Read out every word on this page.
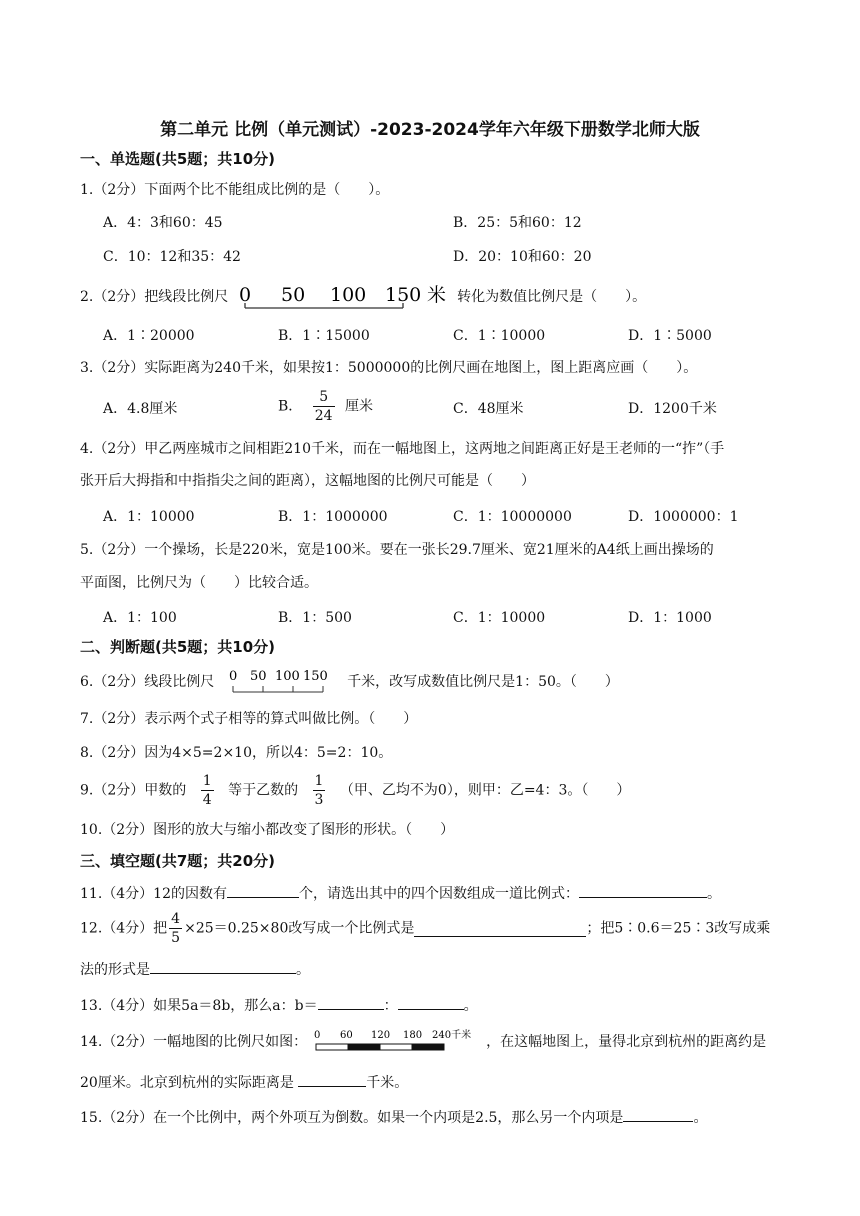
第二单元 比例（单元测试）-2023-2024学年六年级下册数学北师大版
一、单选题(共5题；共10分)
1.（2分）下面两个比不能组成比例的是（　　）。
A．4：3和60：45	B．25：5和60：12
C．10：12和35：42	D．20：10和60：20
2.（2分）把线段比例尺 0 50 100 150 米 转化为数值比例尺是（　　）。
A．1∶20000	B．1∶15000	C．1∶10000	D．1∶5000
3.（2分）实际距离为240千米，如果按1：5000000的比例尺画在地图上，图上距离应画（　　）。
A．4.8厘米	B． $\frac{5}{24}$ 厘米	C．48厘米	D．1200千米
4.（2分）甲乙两座城市之间相距210千米，而在一幅地图上，这两地之间距离正好是王老师的一“拃”（手
张开后大拇指和中指指尖之间的距离），这幅地图的比例尺可能是（　　）
A．1：10000	B．1：1000000	C．1：10000000	D．1000000：1
5.（2分）一个操场，长是220米，宽是100米。要在一张长29.7厘米、宽21厘米的A4纸上画出操场的
平面图，比例尺为（　　）比较合适。
A．1：100	B．1：500	C．1：10000	D．1：1000
二、判断题(共5题；共10分)
6.（2分）线段比例尺 0 50 100 150 千米，改写成数值比例尺是1：50。（　　）
7.（2分）表示两个式子相等的算式叫做比例。（　　）
8.（2分）因为4×5=2×10，所以4：5=2：10。
9.（2分）甲数的 $\frac{1}{4}$ 等于乙数的 $\frac{1}{3}$ （甲、乙均不为0），则甲：乙=4：3。（　　）
10.（2分）图形的放大与缩小都改变了图形的形状。（　　）
三、填空题(共7题；共20分)
11.（4分）12的因数有	个，请选出其中的四个因数组成一道比例式：	。
12.（4分）把 $\frac{4}{5} \times 25=0.25\times 80$改写成一个比例式是	；把5∶0.6＝25∶3改写成乘
法的形式是	。
13.（4分）如果5a＝8b，那么a：b＝	：	。
14.（2分）一幅地图的比例尺如图： 0 60 120 180 240千米 ，在这幅地图上，量得北京到杭州的距离约是
20厘米。北京到杭州的实际距离是	千米。
15.（2分）在一个比例中，两个外项互为倒数。如果一个内项是2.5，那么另一个内项是	。
